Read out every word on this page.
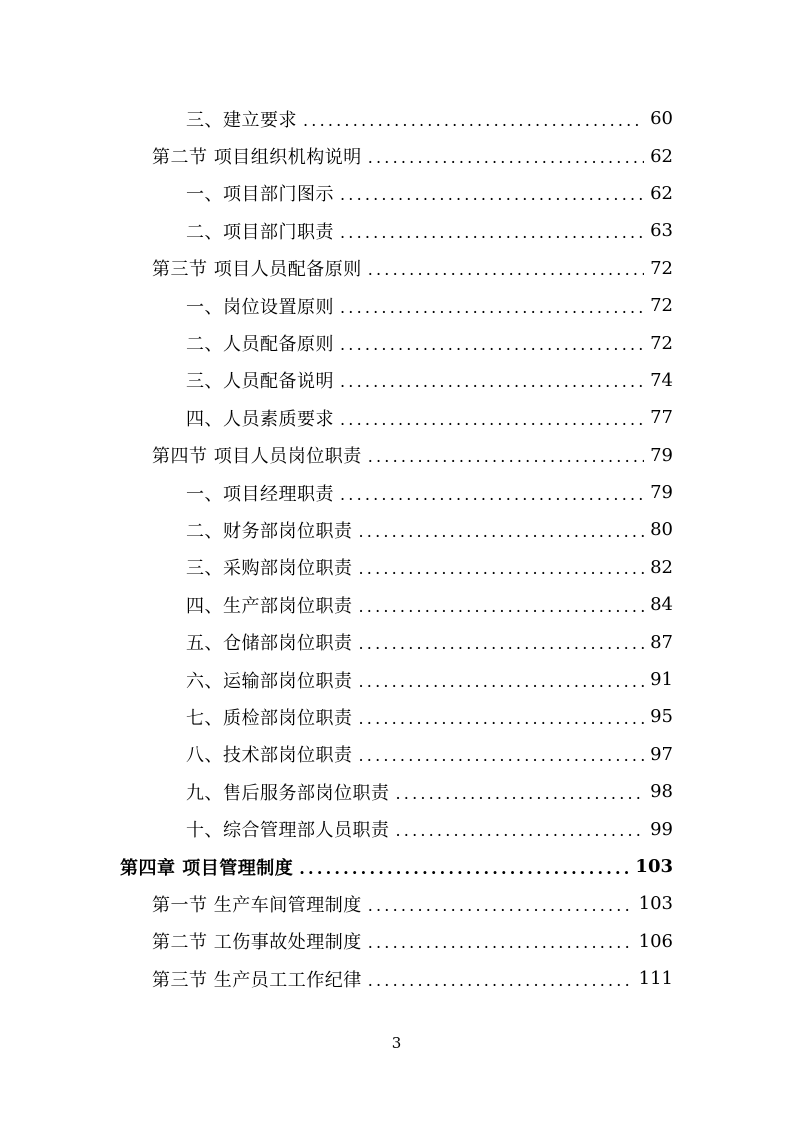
三、建立要求 .....	60
第二节 项目组织机构说明 .....	62
一、项目部门图示 .....	62
二、项目部门职责 .....	63
第三节 项目人员配备原则 .....	72
一、岗位设置原则 .....	72
二、人员配备原则 .....	72
三、人员配备说明 .....	74
四、人员素质要求 .....	77
第四节 项目人员岗位职责 .....	79
一、项目经理职责 .....	79
二、财务部岗位职责 .....	80
三、采购部岗位职责 .....	82
四、生产部岗位职责 .....	84
五、仓储部岗位职责 .....	87
六、运输部岗位职责 .....	91
七、质检部岗位职责 .....	95
八、技术部岗位职责 .....	97
九、售后服务部岗位职责 .....	98
十、综合管理部人员职责 .....	99
第四章 项目管理制度 .....	103
第一节 生产车间管理制度 .....	103
第二节 工伤事故处理制度 .....	106
第三节 生产员工工作纪律 .....	111
3
